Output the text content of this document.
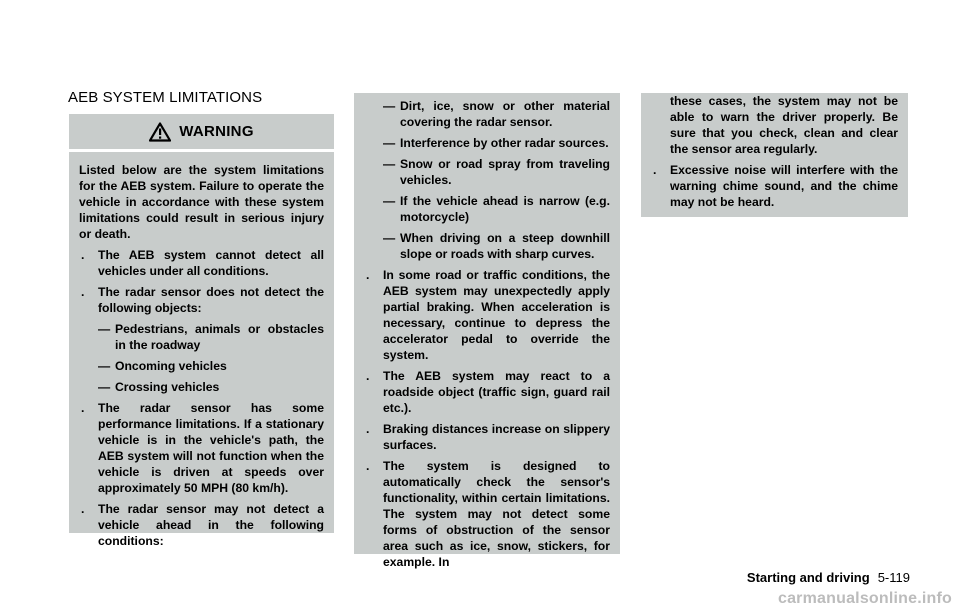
AEB SYSTEM LIMITATIONS
WARNING

Listed below are the system limitations for the AEB system. Failure to operate the vehicle in accordance with these system limitations could result in serious injury or death.

.	The AEB system cannot detect all vehicles under all conditions.
.	The radar sensor does not detect the following objects:
— Pedestrians, animals or obstacles in the roadway
— Oncoming vehicles
— Crossing vehicles
.	The radar sensor has some performance limitations. If a stationary vehicle is in the vehicle's path, the AEB system will not function when the vehicle is driven at speeds over approximately 50 MPH (80 km/h).
.	The radar sensor may not detect a vehicle ahead in the following conditions:
— Dirt, ice, snow or other material covering the radar sensor.
— Interference by other radar sources.
— Snow or road spray from traveling vehicles.
— If the vehicle ahead is narrow (e.g. motorcycle)
— When driving on a steep downhill slope or roads with sharp curves.
.	In some road or traffic conditions, the AEB system may unexpectedly apply partial braking. When acceleration is necessary, continue to depress the accelerator pedal to override the system.
.	The AEB system may react to a roadside object (traffic sign, guard rail etc.).
.	Braking distances increase on slippery surfaces.
.	The system is designed to automatically check the sensor's functionality, within certain limitations. The system may not detect some forms of obstruction of the sensor area such as ice, snow, stickers, for example. In
these cases, the system may not be able to warn the driver properly. Be sure that you check, clean and clear the sensor area regularly.
.	Excessive noise will interfere with the warning chime sound, and the chime may not be heard.
Starting and driving 5-119
carmanualsonline.info
